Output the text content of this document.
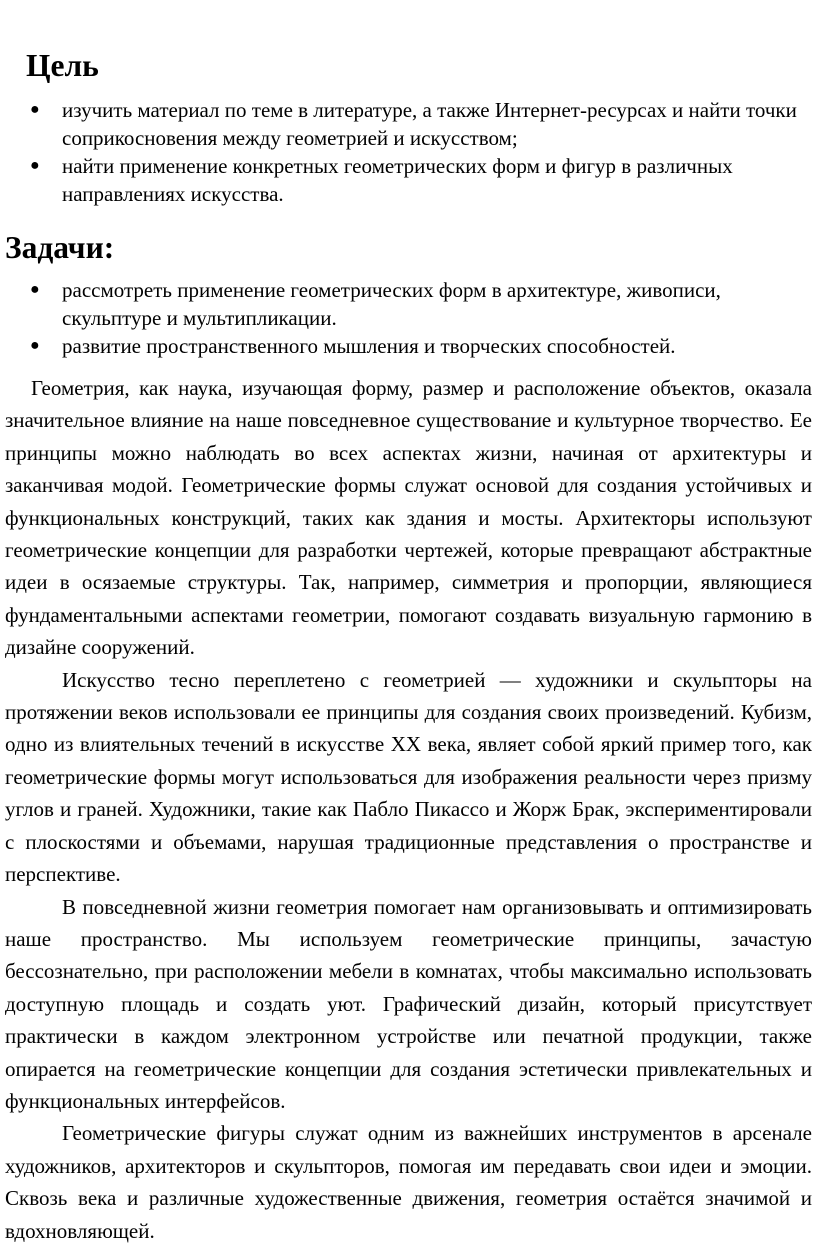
Цель
● изучить материал по теме в литературе, а также Интернет-ресурсах и найти точки соприкосновения между геометрией и искусством;
● найти применение конкретных геометрических форм и фигур в различных направлениях искусства.
Задачи:
● рассмотреть применение геометрических форм в архитектуре, живописи, скульптуре и мультипликации.
● развитие пространственного мышления и творческих способностей.

Геометрия, как наука, изучающая форму, размер и расположение объектов, оказала значительное влияние на наше повседневное существование и культурное творчество. Ее принципы можно наблюдать во всех аспектах жизни, начиная от архитектуры и заканчивая модой. Геометрические формы служат основой для создания устойчивых и функциональных конструкций, таких как здания и мосты. Архитекторы используют геометрические концепции для разработки чертежей, которые превращают абстрактные идеи в осязаемые структуры. Так, например, симметрия и пропорции, являющиеся фундаментальными аспектами геометрии, помогают создавать визуальную гармонию в дизайне сооружений.

Искусство тесно переплетено с геометрией — художники и скульпторы на протяжении веков использовали ее принципы для создания своих произведений. Кубизм, одно из влиятельных течений в искусстве XX века, являет собой яркий пример того, как геометрические формы могут использоваться для изображения реальности через призму углов и граней. Художники, такие как Пабло Пикассо и Жорж Брак, экспериментировали с плоскостями и объемами, нарушая традиционные представления о пространстве и перспективе.

В повседневной жизни геометрия помогает нам организовывать и оптимизировать наше пространство. Мы используем геометрические принципы, зачастую бессознательно, при расположении мебели в комнатах, чтобы максимально использовать доступную площадь и создать уют. Графический дизайн, который присутствует практически в каждом электронном устройстве или печатной продукции, также опирается на геометрические концепции для создания эстетически привлекательных и функциональных интерфейсов.

Геометрические фигуры служат одним из важнейших инструментов в арсенале художников, архитекторов и скульпторов, помогая им передавать свои идеи и эмоции. Сквозь века и различные художественные движения, геометрия остаётся значимой и вдохновляющей.
